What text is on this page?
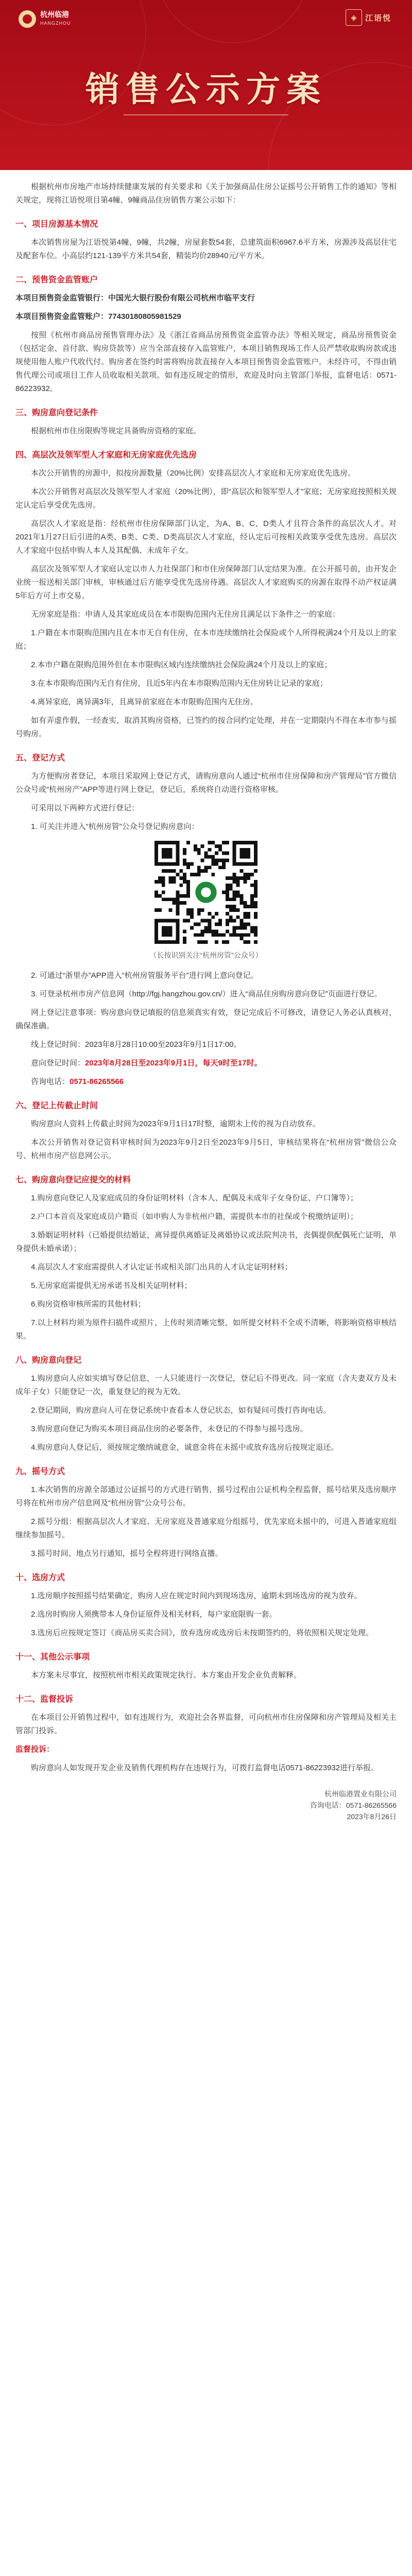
杭州临港
HANGZHOU
◈	江语悦
销售公示方案

根据杭州市房地产市场持续健康发展的有关要求和《关于加强商品住房公证摇号公开销售工作的通知》等相关规定，现将江语悦项目第4幢、9幢商品住房销售方案公示如下：

一、项目房源基本情况

本次销售房屋为江语悦第4幢、9幢，共2幢，房屋套数54套，总建筑面积6967.6平方米，房源涉及高层住宅及配套车位。小高层约121-139平方米共54套，精装均价28940元/平方米。

二、预售资金监管账户

本项目预售资金监管银行：中国光大银行股份有限公司杭州市临平支行

本项目预售资金监管账户：77430180805981529

按照《杭州市商品房预售管理办法》及《浙江省商品房预售资金监管办法》等相关规定，商品房预售资金（包括定金、首付款、购房贷款等）应当全部直接存入监管账户，本项目销售现场工作人员严禁收取购房款或违规使用他人账户代收代付。购房者在签约时需将购房款直接存入本项目预售资金监管账户。未经许可，不得由销售代理公司或项目工作人员收取相关款项。如有违反规定的情形，欢迎及时向主管部门举报，监督电话：0571-86223932。

三、购房意向登记条件

根据杭州市住房限购等规定具备购房资格的家庭。

四、高层次及领军型人才家庭和无房家庭优先选房

本次公开销售的房源中，拟按房源数量（20%比例）安排高层次人才家庭和无房家庭优先选房。

本次公开销售对高层次及领军型人才家庭（20%比例），即“高层次和领军型人才”家庭；无房家庭按照相关规定认定后享受优先选房。

高层次人才家庭是指：经杭州市住房保障部门认定，为A、B、C、D类人才且符合条件的高层次人才。对2021年1月27日后引进的A类、B类、C类、D类高层次人才家庭，经认定后可按相关政策享受优先选房。高层次人才家庭中包括申购人本人及其配偶、未成年子女。

高层次及领军型人才家庭认定以市人力社保部门和市住房保障部门认定结果为准。在公开摇号前，由开发企业统一报送相关部门审核，审核通过后方能享受优先选房待遇。高层次人才家庭购买的房源在取得不动产权证满5年后方可上市交易。

无房家庭是指：申请人及其家庭成员在本市限购范围内无住房且满足以下条件之一的家庭：

1.户籍在本市限购范围内且在本市无自有住房，在本市连续缴纳社会保险或个人所得税满24个月及以上的家庭；

2.本市户籍在限购范围外但在本市限购区域内连续缴纳社会保险满24个月及以上的家庭；

3.在本市限购范围内无自有住房，且近5年内在本市限购范围内无住房转让记录的家庭；

4.离异家庭，离异满3年，且离异前家庭在本市限购范围内无住房。

如有弄虚作假，一经查实，取消其购房资格，已签约的按合同约定处理，并在一定期限内不得在本市参与摇号购房。

五、登记方式

为方便购房者登记，本项目采取网上登记方式，请购房意向人通过“杭州市住房保障和房产管理局”官方微信公众号或“杭州房产”APP等进行网上登记，登记后，系统将自动进行资格审核。

可采用以下两种方式进行登记：

1. 可关注并进入“杭州房管”公众号登记购房意向：

（长按识别关注“杭州房管”公众号）

2. 可通过“浙里办”APP进入“杭州房管服务平台”进行网上意向登记。

3. 可登录杭州市房产信息网（http://fgj.hangzhou.gov.cn/）进入“商品住房购房意向登记”页面进行登记。

网上登记注意事项：购房意向登记填报的信息须真实有效，登记完成后不可修改，请登记人务必认真核对，确保准确。

线上登记时间：2023年8月28日10:00至2023年9月1日17:00。

意向登记时间：2023年8月28日至2023年9月1日，每天9时至17时。

咨询电话：0571-86265566

六、登记上传截止时间

购房意向人资料上传截止时间为2023年9月1日17时整，逾期未上传的视为自动放弃。

本次公开销售对登记资料审核时间为2023年9月2日至2023年9月5日，审核结果将在“杭州房管”微信公众号、杭州市房产信息网公示。

七、购房意向登记应提交的材料

1.购房意向登记人及家庭成员的身份证明材料（含本人、配偶及未成年子女身份证、户口簿等）；

2.户口本首页及家庭成员户籍页（如申购人为非杭州户籍，需提供本市的社保或个税缴纳证明）；

3.婚姻证明材料（已婚提供结婚证，离异提供离婚证及离婚协议或法院判决书，丧偶提供配偶死亡证明，单身提供未婚承诺）；

4.高层次人才家庭需提供人才认定证书或相关部门出具的人才认定证明材料；

5.无房家庭需提供无房承诺书及相关证明材料；

6.购房资格审核所需的其他材料；

7.以上材料均须为原件扫描件或照片，上传时须清晰完整，如所提交材料不全或不清晰，将影响资格审核结果。

八、购房意向登记

1.购房意向人应如实填写登记信息，一人只能进行一次登记，登记后不得更改。同一家庭（含夫妻双方及未成年子女）只能登记一次，重复登记的视为无效。

2.登记期间，购房意向人可在登记系统中查看本人登记状态，如有疑问可拨打咨询电话。

3.购房意向登记为购买本项目商品住房的必要条件，未登记的不得参与摇号选房。

4.购房意向人登记后，须按规定缴纳诚意金，诚意金将在未摇中或放弃选房后按规定退还。

九、摇号方式

1.本次销售的房源全部通过公证摇号的方式进行销售，摇号过程由公证机构全程监督，摇号结果及选房顺序号将在杭州市房产信息网及“杭州房管”公众号公布。

2.摇号分组：根据高层次人才家庭、无房家庭及普通家庭分组摇号，优先家庭未摇中的，可进入普通家庭组继续参加摇号。

3.摇号时间、地点另行通知，摇号全程将进行网络直播。

十、选房方式

1.选房顺序按照摇号结果确定，购房人应在规定时间内到现场选房，逾期未到场选房的视为放弃。

2.选房时购房人须携带本人身份证原件及相关材料，每户家庭限购一套。

3.选房后应按规定签订《商品房买卖合同》，放弃选房或选房后未按期签约的，将依照相关规定处理。

十一、其他公示事项

本方案未尽事宜，按照杭州市相关政策规定执行。本方案由开发企业负责解释。

十二、监督投诉

在本项目公开销售过程中，如有违规行为，欢迎社会各界监督，可向杭州市住房保障和房产管理局及相关主管部门投诉。

监督投诉：

购房意向人如发现开发企业及销售代理机构存在违规行为，可拨打监督电话0571-86223932进行举报。

杭州临港置业有限公司

咨询电话：0571-86265566

2023年8月26日
